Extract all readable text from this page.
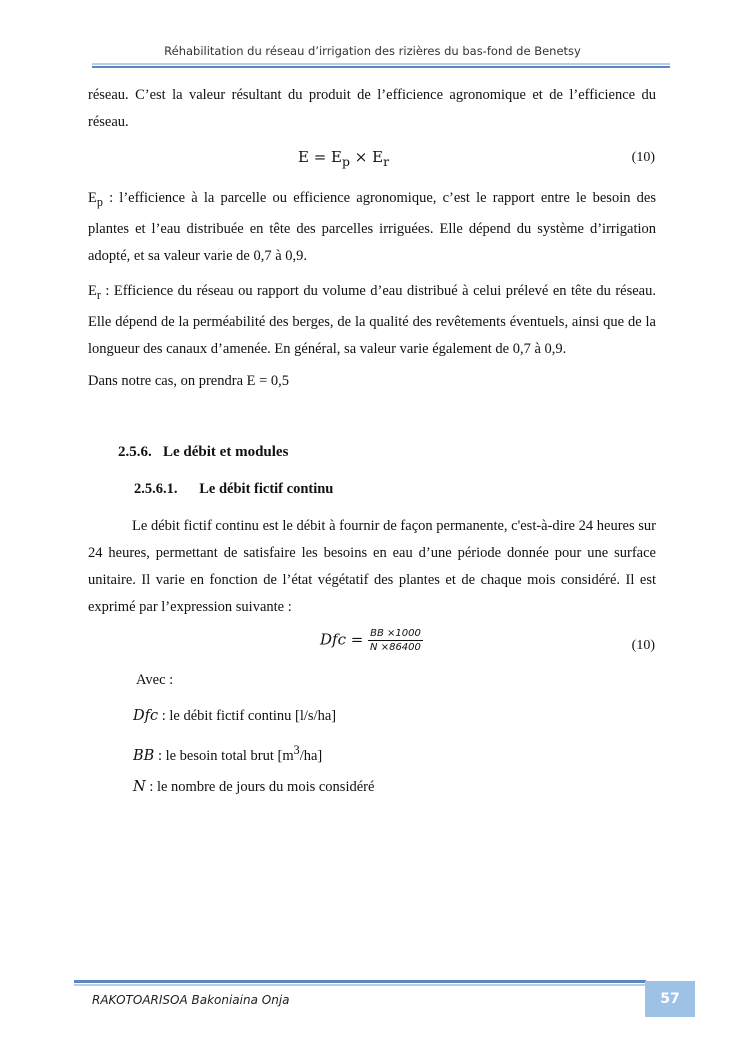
Réhabilitation du réseau d’irrigation des rizières du bas-fond de Benetsy
réseau. C’est la valeur résultant du produit de l’efficience agronomique et de l’efficience du réseau.
$E = E_p \times E_r$	(10)
$E_p$ : l’efficience à la parcelle ou efficience agronomique, c’est le rapport entre le besoin des plantes et l’eau distribuée en tête des parcelles irriguées. Elle dépend du système d’irrigation adopté, et sa valeur varie de 0,7 à 0,9.
$E_r$ : Efficience du réseau ou rapport du volume d’eau distribué à celui prélevé en tête du réseau. Elle dépend de la perméabilité des berges, de la qualité des revêtements éventuels, ainsi que de la longueur des canaux d’amenée. En général, sa valeur varie également de 0,7 à 0,9.
Dans notre cas, on prendra E = 0,5
2.5.6.   Le débit et modules
2.5.6.1.      Le débit fictif continu
Le débit fictif continu est le débit à fournir de façon permanente, c'est-à-dire 24 heures sur 24 heures, permettant de satisfaire les besoins en eau d’une période donnée pour une surface unitaire. Il varie en fonction de l’état végétatif des plantes et de chaque mois considéré. Il est exprimé par l’expression suivante :
Dfc = $\frac{BB \times 1000}{N \times 86400}$	(10)
Avec :
Dfc : le débit fictif continu [l/s/ha]
BB : le besoin total brut $[m^3/ha]$
N : le nombre de jours du mois considéré
RAKOTOARISOA Bakoniaina Onja	57
